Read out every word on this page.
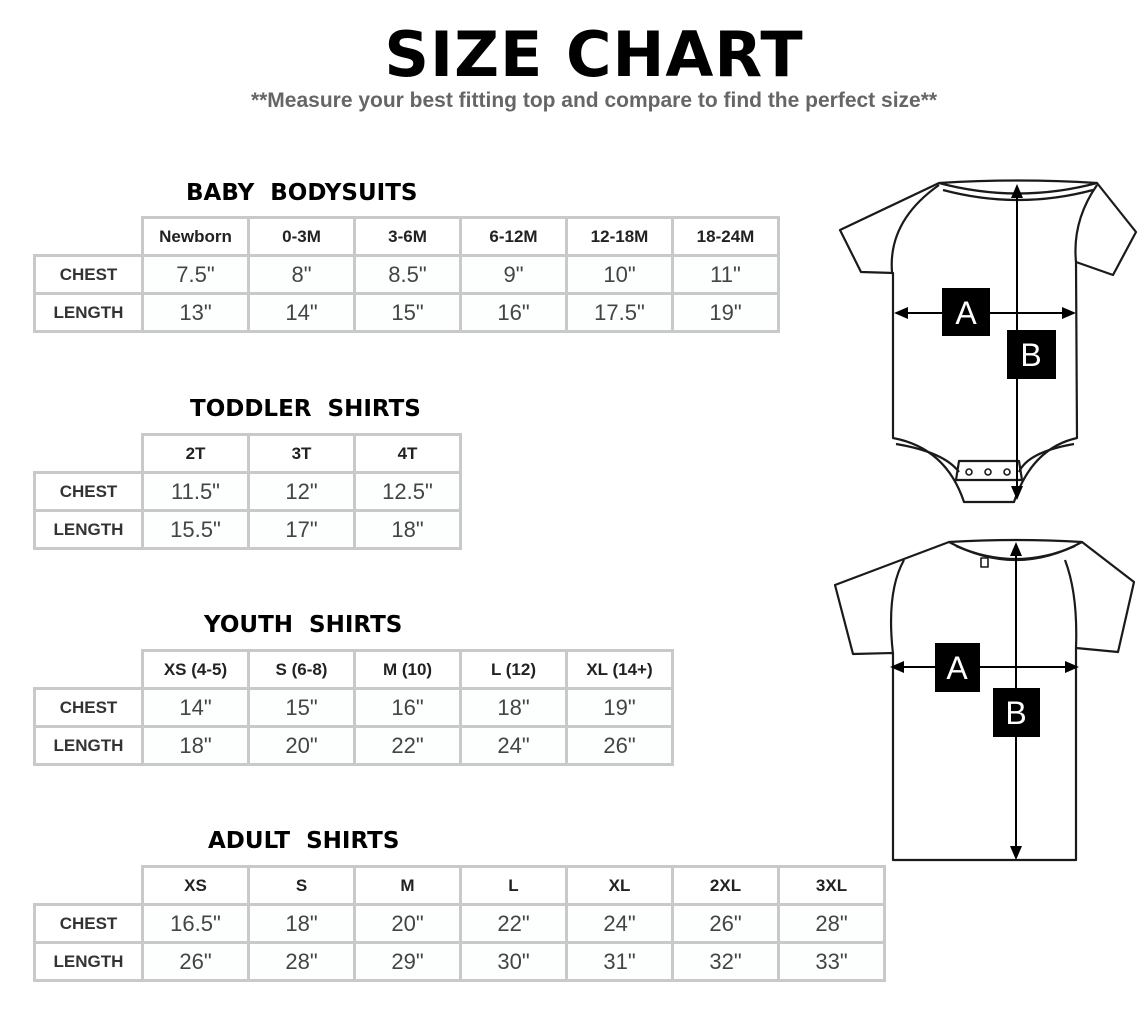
SIZE CHART
**Measure your best fitting top and compare to find the perfect size**
BABY  BODYSUITS
	Newborn	0-3M	3-6M	6-12M	12-18M	18-24M
CHEST	7.5"	8"	8.5"	9"	10"	11"
LENGTH	13"	14"	15"	16"	17.5"	19"
TODDLER  SHIRTS
	2T	3T	4T
CHEST	11.5"	12"	12.5"
LENGTH	15.5"	17"	18"
YOUTH  SHIRTS
	XS (4-5)	S (6-8)	M (10)	L (12)	XL (14+)
CHEST	14"	15"	16"	18"	19"
LENGTH	18"	20"	22"	24"	26"
ADULT  SHIRTS
	XS	S	M	L	XL	2XL	3XL
CHEST	16.5"	18"	20"	22"	24"	26"	28"
LENGTH	26"	28"	29"	30"	31"	32"	33"
A
B
A
B
